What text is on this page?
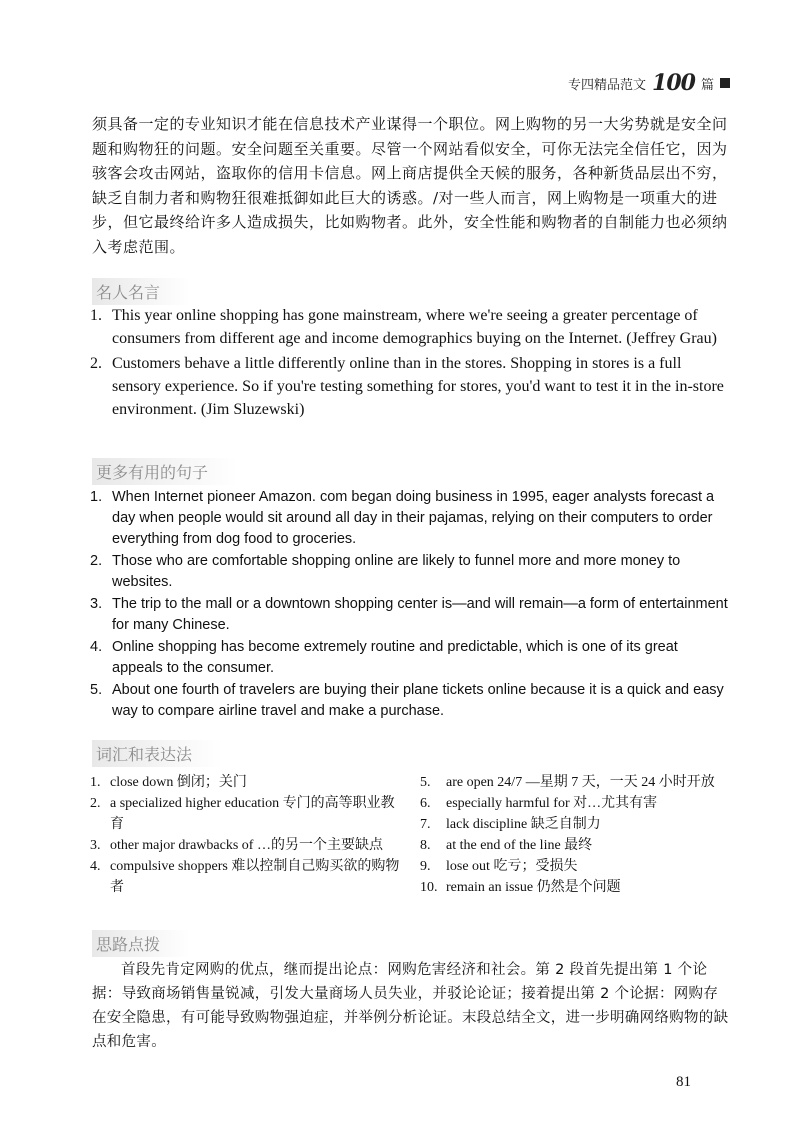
专四精品范文 100 篇
须具备一定的专业知识才能在信息技术产业谋得一个职位。网上购物的另一大劣势就是安全问题和购物狂的问题。安全问题至关重要。尽管一个网站看似安全，可你无法完全信任它，因为骇客会攻击网站，盗取你的信用卡信息。网上商店提供全天候的服务，各种新货品层出不穷，缺乏自制力者和购物狂很难抵御如此巨大的诱惑。/对一些人而言，网上购物是一项重大的进步，但它最终给许多人造成损失，比如购物者。此外，安全性能和购物者的自制能力也必须纳入考虑范围。
名人名言
1. This year online shopping has gone mainstream, where we're seeing a greater percentage of consumers from different age and income demographics buying on the Internet. (Jeffrey Grau)
2. Customers behave a little differently online than in the stores. Shopping in stores is a full sensory experience. So if you're testing something for stores, you'd want to test it in the in-store environment. (Jim Sluzewski)
更多有用的句子
1. When Internet pioneer Amazon. com began doing business in 1995, eager analysts forecast a day when people would sit around all day in their pajamas, relying on their computers to order everything from dog food to groceries.
2. Those who are comfortable shopping online are likely to funnel more and more money to websites.
3. The trip to the mall or a downtown shopping center is—and will remain—a form of entertainment for many Chinese.
4. Online shopping has become extremely routine and predictable, which is one of its great appeals to the consumer.
5. About one fourth of travelers are buying their plane tickets online because it is a quick and easy way to compare airline travel and make a purchase.
词汇和表达法
1. close down 倒闭；关门
2. a specialized higher education 专门的高等职业教育
3. other major drawbacks of …的另一个主要缺点
4. compulsive shoppers 难以控制自己购买欲的购物者
5. are open 24/7 —星期 7 天，一天 24 小时开放
6. especially harmful for 对…尤其有害
7. lack discipline 缺乏自制力
8. at the end of the line 最终
9. lose out 吃亏；受损失
10. remain an issue 仍然是个问题
思路点拨
首段先肯定网购的优点，继而提出论点：网购危害经济和社会。第 2 段首先提出第 1 个论据：导致商场销售量锐减，引发大量商场人员失业，并驳论论证；接着提出第 2 个论据：网购存在安全隐患，有可能导致购物强迫症，并举例分析论证。末段总结全文，进一步明确网络购物的缺点和危害。
81
